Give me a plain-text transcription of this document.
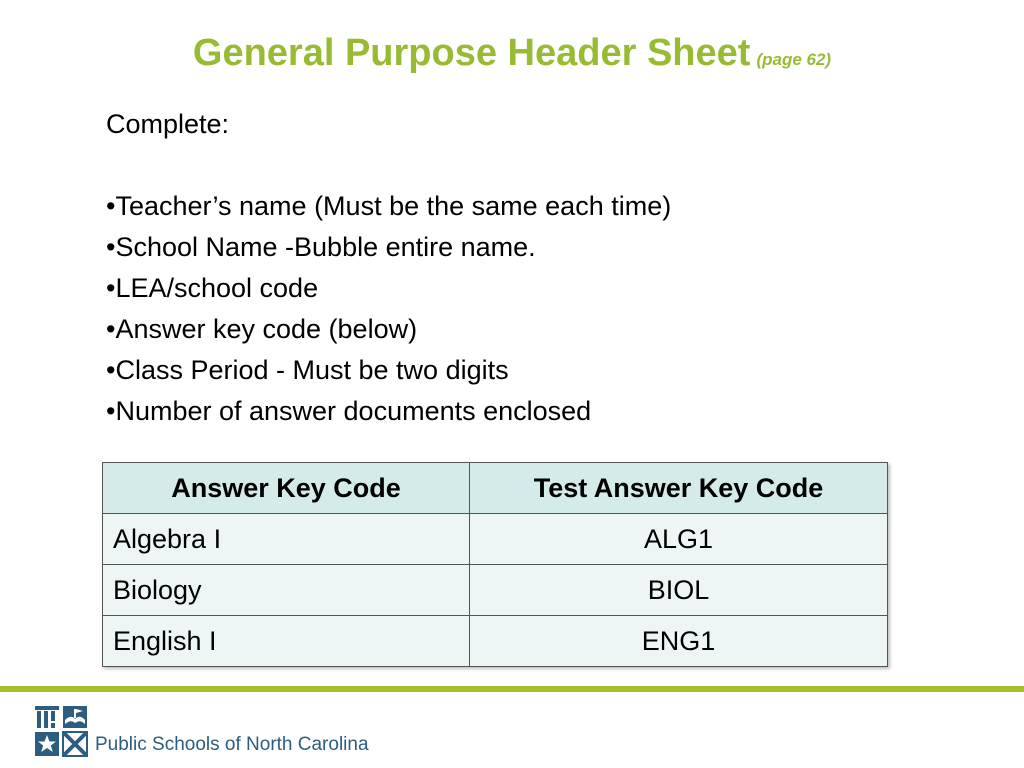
General Purpose Header Sheet (page 62)
Complete:
•Teacher’s name (Must be the same each time)
•School Name -Bubble entire name.
•LEA/school code
•Answer key code (below)
•Class Period - Must be two digits
•Number of answer documents enclosed
Answer Key Code	Test Answer Key Code
Algebra I	ALG1
Biology	BIOL
English I	ENG1
Public Schools of North Carolina
